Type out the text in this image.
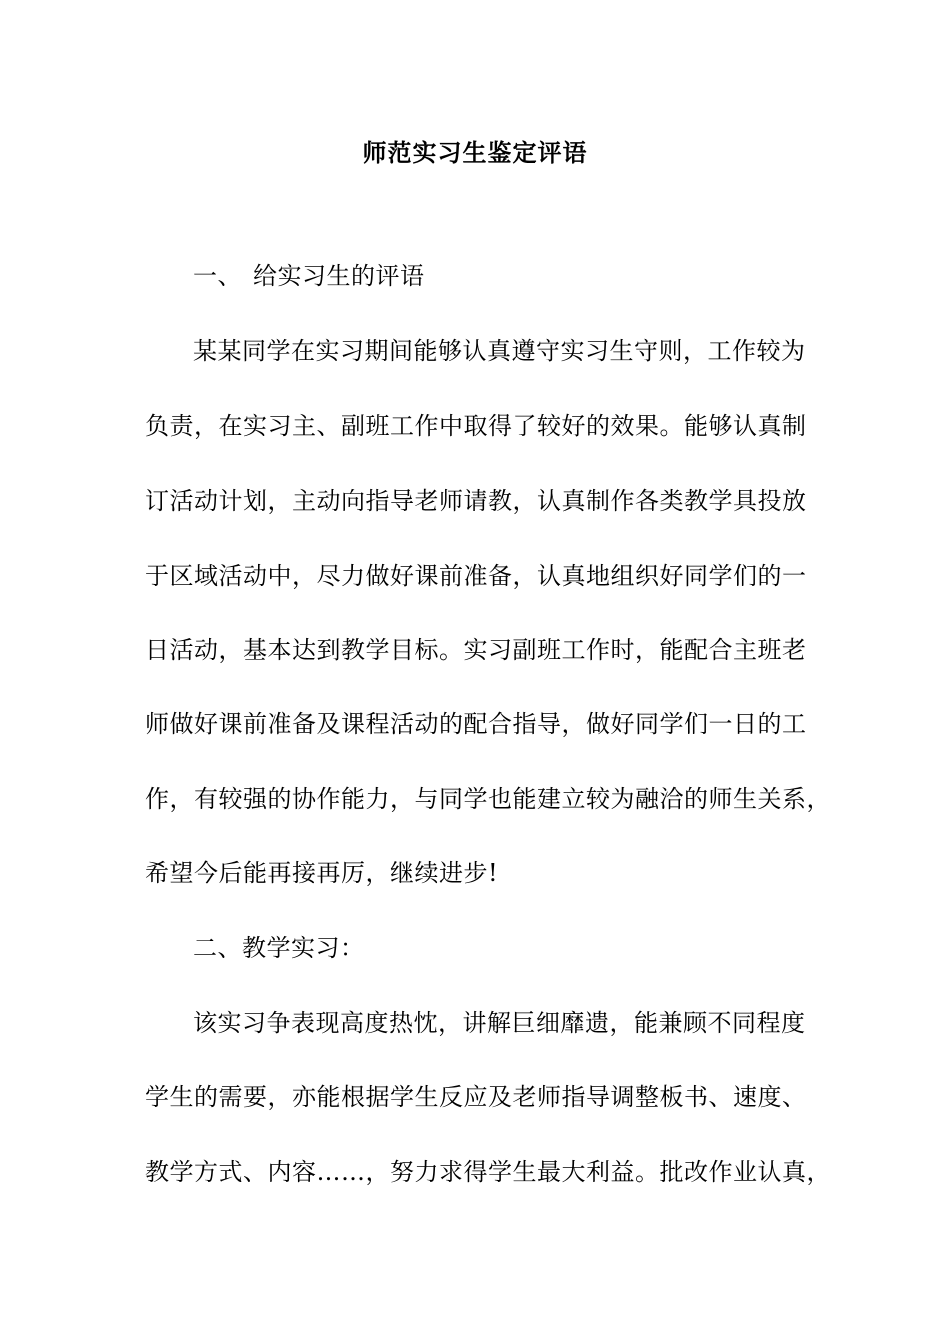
师范实习生鉴定评语
一、 给实习生的评语
某某同学在实习期间能够认真遵守实习生守则，工作较为
负责，在实习主、副班工作中取得了较好的效果。能够认真制
订活动计划，主动向指导老师请教，认真制作各类教学具投放
于区域活动中，尽力做好课前准备，认真地组织好同学们的一
日活动，基本达到教学目标。实习副班工作时，能配合主班老
师做好课前准备及课程活动的配合指导，做好同学们一日的工
作，有较强的协作能力，与同学也能建立较为融洽的师生关系，
希望今后能再接再厉，继续进步!
二、教学实习：
该实习争表现高度热忱，讲解巨细靡遗，能兼顾不同程度
学生的需要，亦能根据学生反应及老师指导调整板书、速度、
教学方式、内容……，努力求得学生最大利益。批改作业认真，
